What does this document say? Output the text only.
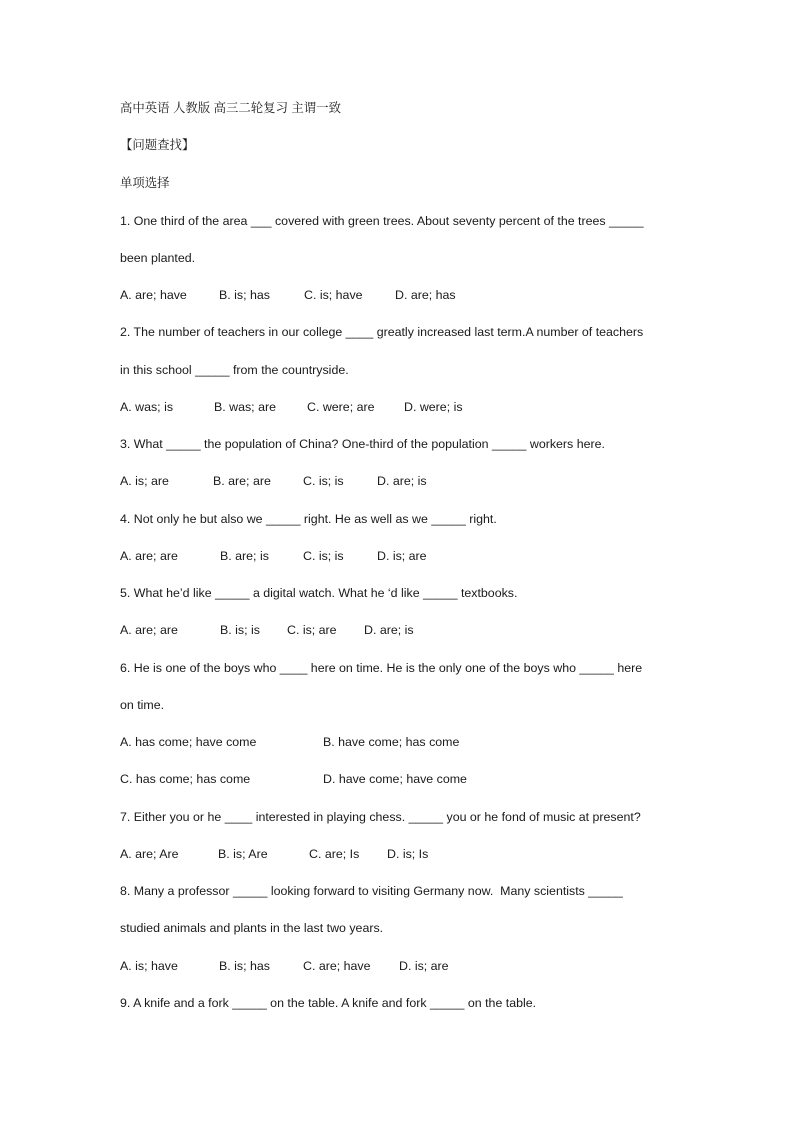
高中英语 人教版 高三二轮复习 主谓一致
【问题查找】
单项选择
1. One third of the area ___ covered with green trees. About seventy percent of the trees _____
been planted.
A. are; have	B. is; has	C. is; have	D. are; has
2. The number of teachers in our college ____ greatly increased last term.A number of teachers
in this school _____ from the countryside.
A. was; is	B. was; are	C. were; are D. were; is
3. What _____ the population of China? One-third of the population _____ workers here.
A. is; are	B. are; are	C. is; is	D. are; is
4. Not only he but also we _____ right. He as well as we _____ right.
A. are; are	B. are; is	C. is; is	D. is; are
5. What he’d like _____ a digital watch. What he ‘d like _____ textbooks.
A. are; are	B. is; is C. is; are D. are; is
6. He is one of the boys who ____ here on time. He is the only one of the boys who _____ here
on time.
A. has come; have come	B. have come; has come
C. has come; has come	D. have come; have come
7. Either you or he ____ interested in playing chess. _____ you or he fond of music at present?
A. are; Are	B. is; Are	C. are; Is D. is; Is
8. Many a professor _____ looking forward to visiting Germany now.  Many scientists _____
studied animals and plants in the last two years.
A. is; have	B. is; has	C. are; have D. is; are
9. A knife and a fork _____ on the table. A knife and fork _____ on the table.
